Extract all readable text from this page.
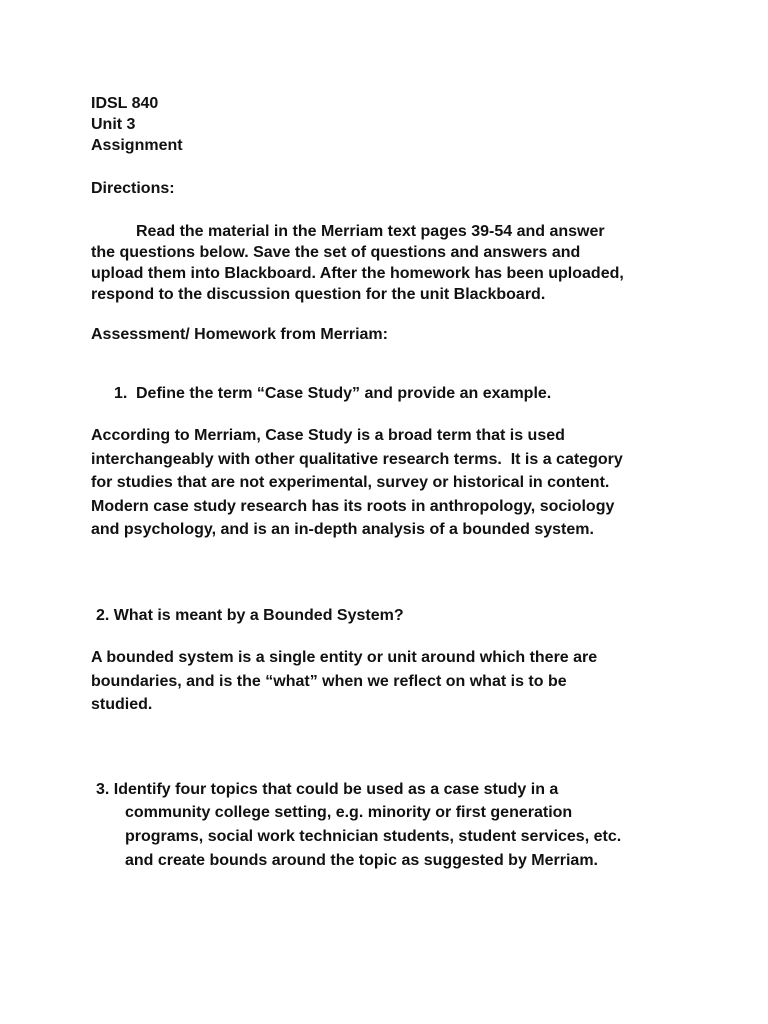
IDSL 840
Unit 3
Assignment
Directions:
Read the material in the Merriam text pages 39-54 and answer
the questions below. Save the set of questions and answers and
upload them into Blackboard. After the homework has been uploaded,
respond to the discussion question for the unit Blackboard.
Assessment/ Homework from Merriam:
1. Define the term “Case Study” and provide an example.
According to Merriam, Case Study is a broad term that is used
interchangeably with other qualitative research terms.  It is a category
for studies that are not experimental, survey or historical in content.
Modern case study research has its roots in anthropology, sociology
and psychology, and is an in-depth analysis of a bounded system.
2. What is meant by a Bounded System?
A bounded system is a single entity or unit around which there are
boundaries, and is the “what” when we reflect on what is to be
studied.
3. Identify four topics that could be used as a case study in a
community college setting, e.g. minority or first generation
programs, social work technician students, student services, etc.
and create bounds around the topic as suggested by Merriam.
